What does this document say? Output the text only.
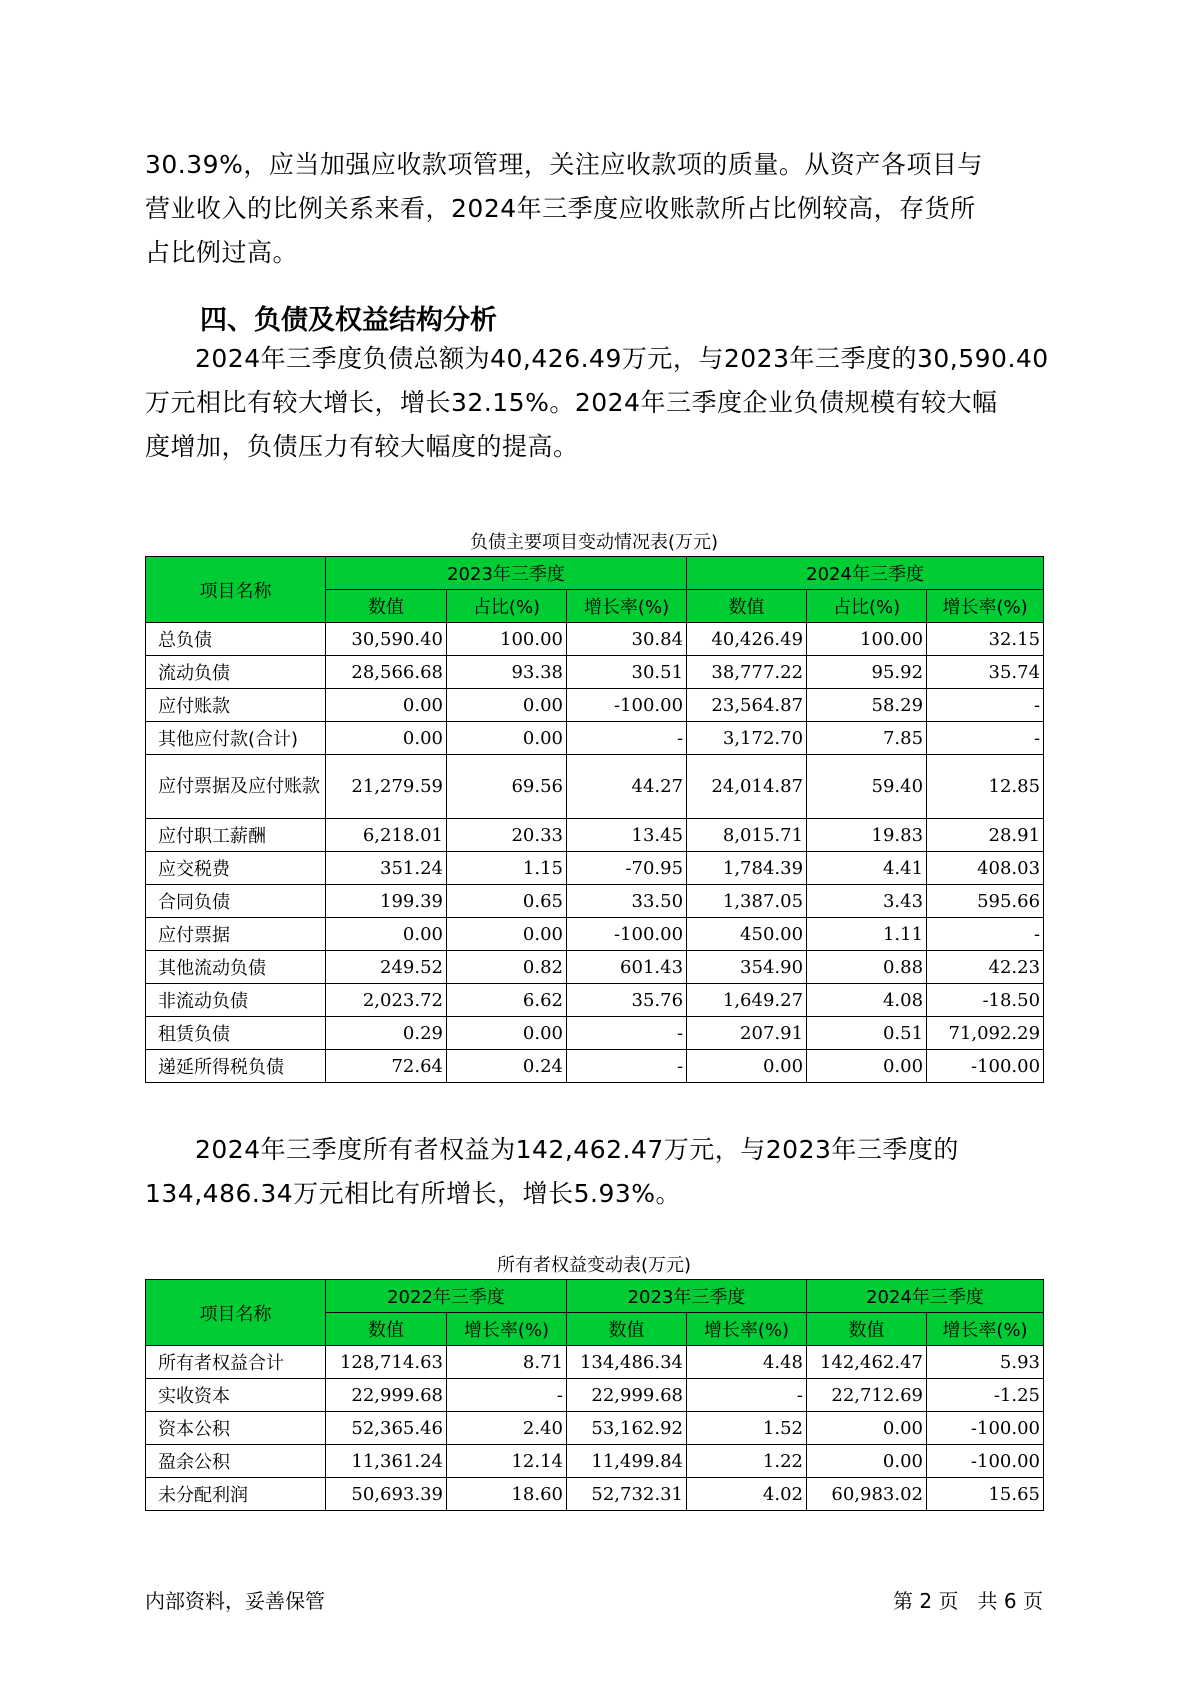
30.39%，应当加强应收款项管理，关注应收款项的质量。从资产各项目与
营业收入的比例关系来看，2024年三季度应收账款所占比例较高，存货所
占比例过高。
四、负债及权益结构分析
2024年三季度负债总额为40,426.49万元，与2023年三季度的30,590.40
万元相比有较大增长，增长32.15%。2024年三季度企业负债规模有较大幅
度增加，负债压力有较大幅度的提高。
负债主要项目变动情况表(万元)
项目名称	2023年三季度			2024年三季度		
	数值	占比(%)	增长率(%)	数值	占比(%)	增长率(%)
总负债	30,590.40	100.00	30.84	40,426.49	100.00	32.15
流动负债	28,566.68	93.38	30.51	38,777.22	95.92	35.74
应付账款	0.00	0.00	-100.00	23,564.87	58.29	-
其他应付款(合计)	0.00	0.00	-	3,172.70	7.85	-
应付票据及应付账款	21,279.59	69.56	44.27	24,014.87	59.40	12.85
应付职工薪酬	6,218.01	20.33	13.45	8,015.71	19.83	28.91
应交税费	351.24	1.15	-70.95	1,784.39	4.41	408.03
合同负债	199.39	0.65	33.50	1,387.05	3.43	595.66
应付票据	0.00	0.00	-100.00	450.00	1.11	-
其他流动负债	249.52	0.82	601.43	354.90	0.88	42.23
非流动负债	2,023.72	6.62	35.76	1,649.27	4.08	-18.50
租赁负债	0.29	0.00	-	207.91	0.51	71,092.29
递延所得税负债	72.64	0.24	-	0.00	0.00	-100.00
2024年三季度所有者权益为142,462.47万元，与2023年三季度的
134,486.34万元相比有所增长，增长5.93%。
所有者权益变动表(万元)
项目名称	2022年三季度		2023年三季度		2024年三季度	
	数值	增长率(%)	数值	增长率(%)	数值	增长率(%)
所有者权益合计	128,714.63	8.71	134,486.34	4.48	142,462.47	5.93
实收资本	22,999.68	-	22,999.68	-	22,712.69	-1.25
资本公积	52,365.46	2.40	53,162.92	1.52	0.00	-100.00
盈余公积	11,361.24	12.14	11,499.84	1.22	0.00	-100.00
未分配利润	50,693.39	18.60	52,732.31	4.02	60,983.02	15.65
内部资料，妥善保管	第 2 页   共 6 页
